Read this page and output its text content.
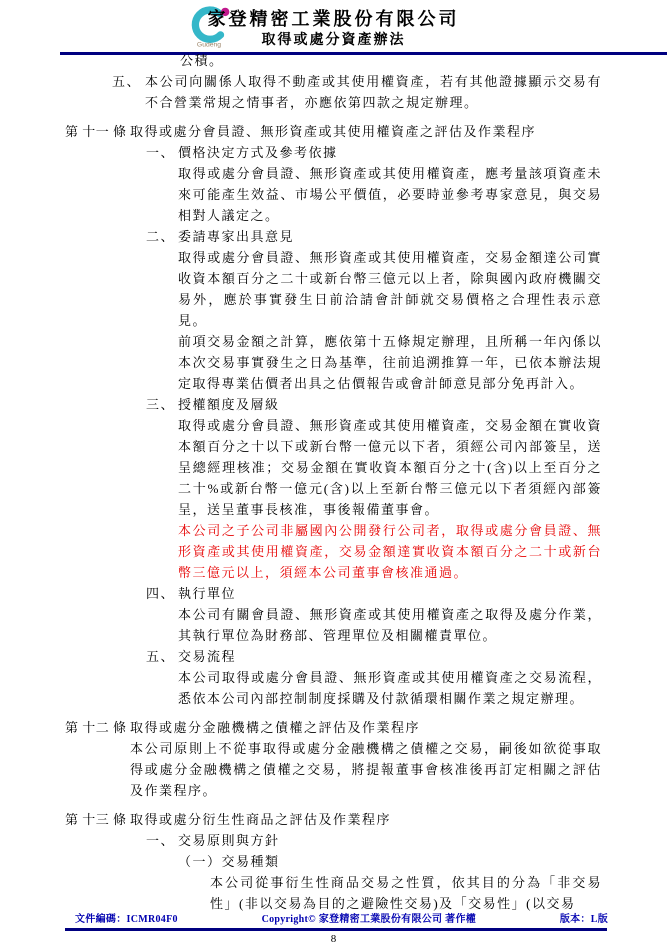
Gudeng
家登精密工業股份有限公司
取得或處分資產辦法

公積。

五、 本公司向關係人取得不動產或其使用權資產，若有其他證據顯示交易有不合營業常規之情事者，亦應依第四款之規定辦理。
第 十一 條 取得或處分會員證、無形資產或其使用權資產之評估及作業程序
一、 價格決定方式及參考依據

取得或處分會員證、無形資產或其使用權資產，應考量該項資產未來可能產生效益、市場公平價值，必要時並參考專家意見，與交易相對人議定之。

二、 委請專家出具意見

取得或處分會員證、無形資產或其使用權資產，交易金額達公司實收資本額百分之二十或新台幣三億元以上者，除與國內政府機關交易外，應於事實發生日前洽請會計師就交易價格之合理性表示意見。

前項交易金額之計算，應依第十五條規定辦理，且所稱一年內係以本次交易事實發生之日為基準，往前追溯推算一年，已依本辦法規定取得專業估價者出具之估價報告或會計師意見部分免再計入。

三、 授權額度及層級

取得或處分會員證、無形資產或其使用權資產，交易金額在實收資本額百分之十以下或新台幣一億元以下者，須經公司內部簽呈，送呈總經理核准；交易金額在實收資本額百分之十(含)以上至百分之二十%或新台幣一億元(含)以上至新台幣三億元以下者須經內部簽呈，送呈董事長核准，事後報備董事會。

本公司之子公司非屬國內公開發行公司者，取得或處分會員證、無形資產或其使用權資產，交易金額達實收資本額百分之二十或新台幣三億元以上，須經本公司董事會核准通過。

四、 執行單位

本公司有關會員證、無形資產或其使用權資產之取得及處分作業，其執行單位為財務部、管理單位及相關權責單位。

五、 交易流程

本公司取得或處分會員證、無形資產或其使用權資產之交易流程，悉依本公司內部控制制度採購及付款循環相關作業之規定辦理。

第 十二 條 取得或處分金融機構之債權之評估及作業程序

本公司原則上不從事取得或處分金融機構之債權之交易，嗣後如欲從事取得或處分金融機構之債權之交易，將提報董事會核准後再訂定相關之評估及作業程序。

第 十三 條 取得或處分衍生性商品之評估及作業程序
一、 交易原則與方針
（一） 交易種類

本公司從事衍生性商品交易之性質，依其目的分為「非交易性」(非以交易為目的之避險性交易)及「交易性」(以交易

文件編碼：ICMR04F0	Copyright© 家登精密工業股份有限公司 著作權	版本：L版
8
